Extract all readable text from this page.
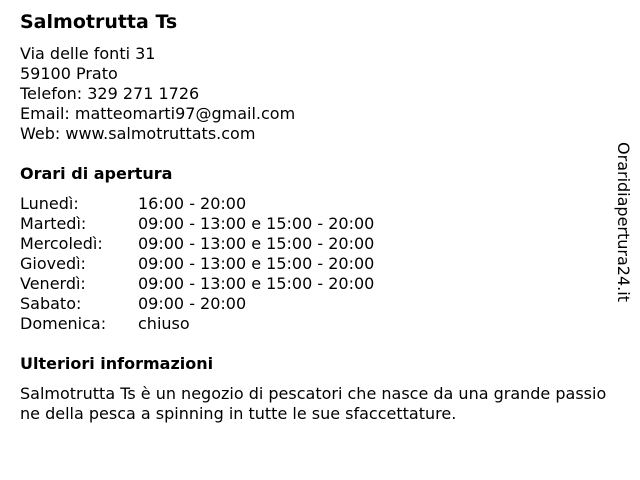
Salmotrutta Ts
Via delle fonti 31
59100 Prato
Telefon: 329 271 1726
Email: matteomarti97@gmail.com
Web: www.salmotruttats.com
Orari di apertura
Lunedì:	16:00 - 20:00
Martedì:	09:00 - 13:00 e 15:00 - 20:00
Mercoledì:	09:00 - 13:00 e 15:00 - 20:00
Giovedì:	09:00 - 13:00 e 15:00 - 20:00
Venerdì:	09:00 - 13:00 e 15:00 - 20:00
Sabato:	09:00 - 20:00
Domenica:	chiuso
Ulteriori informazioni

Salmotrutta Ts è un negozio di pescatori che nasce da una grande passione della pesca a spinning in tutte le sue sfaccettature.

Oraridiapertura24.it
